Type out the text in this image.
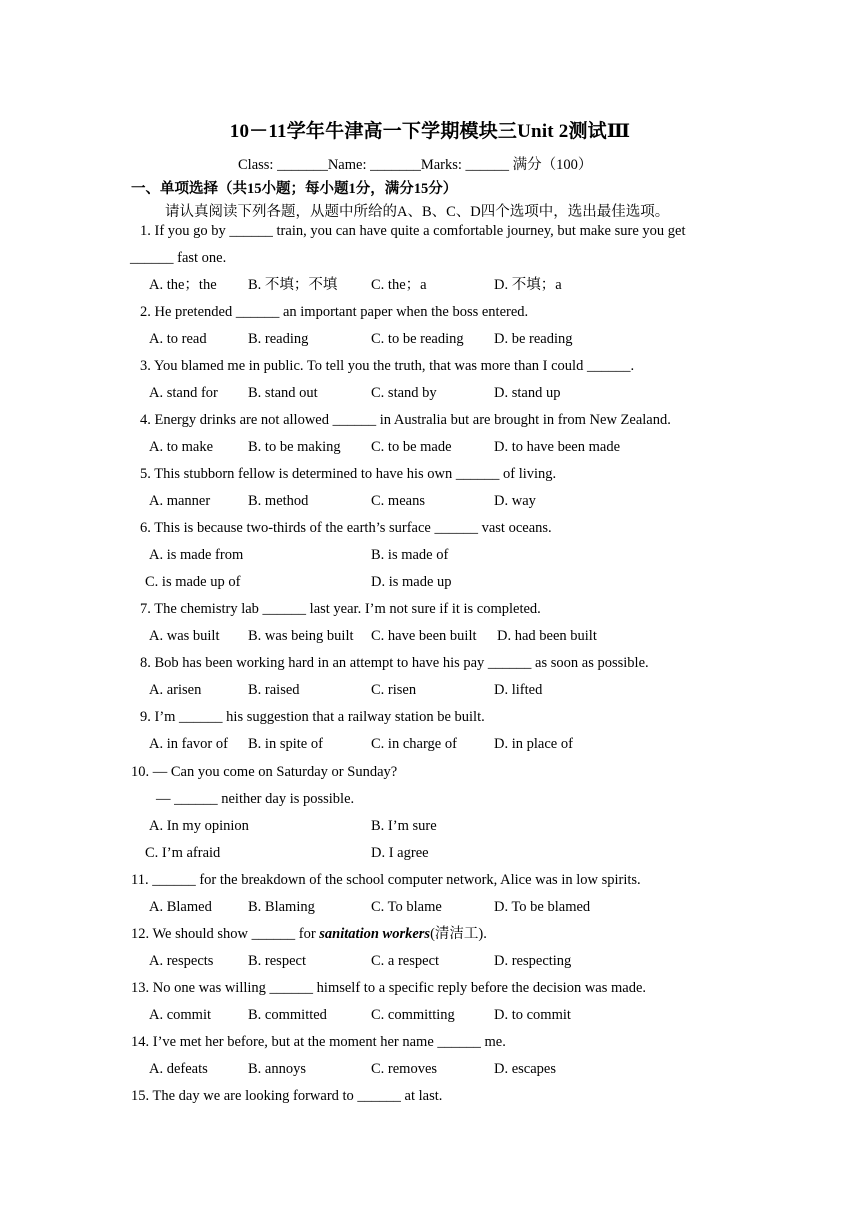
10－11学年牛津高一下学期模块三Unit 2测试Ⅲ
Class: _______Name: _______Marks: ______ 满分（100）
一、单项选择（共15小题；每小题1分，满分15分）
请认真阅读下列各题，从题中所给的A、B、C、D四个选项中，选出最佳选项。
1. If you go by ______ train, you can have quite a comfortable journey, but make sure you get
______ fast one.
A. the；the B. 不填；不填 C. the；a	D. 不填；a
2. He pretended ______ an important paper when the boss entered.
A. to read	B. reading	C. to be reading D. be reading
3. You blamed me in public. To tell you the truth, that was more than I could ______.
A. stand for B. stand out	C. stand by	D. stand up
4. Energy drinks are not allowed ______ in Australia but are brought in from New Zealand.
A. to make B. to be making C. to be made	D. to have been made
5. This stubborn fellow is determined to have his own ______ of living.
A. manner	B. method	C. means	D. way
6. This is because two-thirds of the earth’s surface ______ vast oceans.
A. is made from	B. is made of
C. is made up of	D. is made up
7. The chemistry lab ______ last year. I’m not sure if it is completed.
A. was built B. was being built C. have been built D. had been built
8. Bob has been working hard in an attempt to have his pay ______ as soon as possible.
A. arisen	B. raised	C. risen	D. lifted
9. I’m ______ his suggestion that a railway station be built.
A. in favor of B. in spite of	C. in charge of	D. in place of
10. — Can you come on Saturday or Sunday?
— ______ neither day is possible.
A. In my opinion	B. I’m sure
C. I’m afraid	D. I agree
11. ______ for the breakdown of the school computer network, Alice was in low spirits.
A. Blamed B. Blaming	C. To blame	D. To be blamed
12. We should show ______ for sanitation workers(清洁工).
A. respects B. respect	C. a respect	D. respecting
13. No one was willing ______ himself to a specific reply before the decision was made.
A. commit	B. committed	C. committing	D. to commit
14. I’ve met her before, but at the moment her name ______ me.
A. defeats	B. annoys	C. removes	D. escapes
15. The day we are looking forward to ______ at last.
